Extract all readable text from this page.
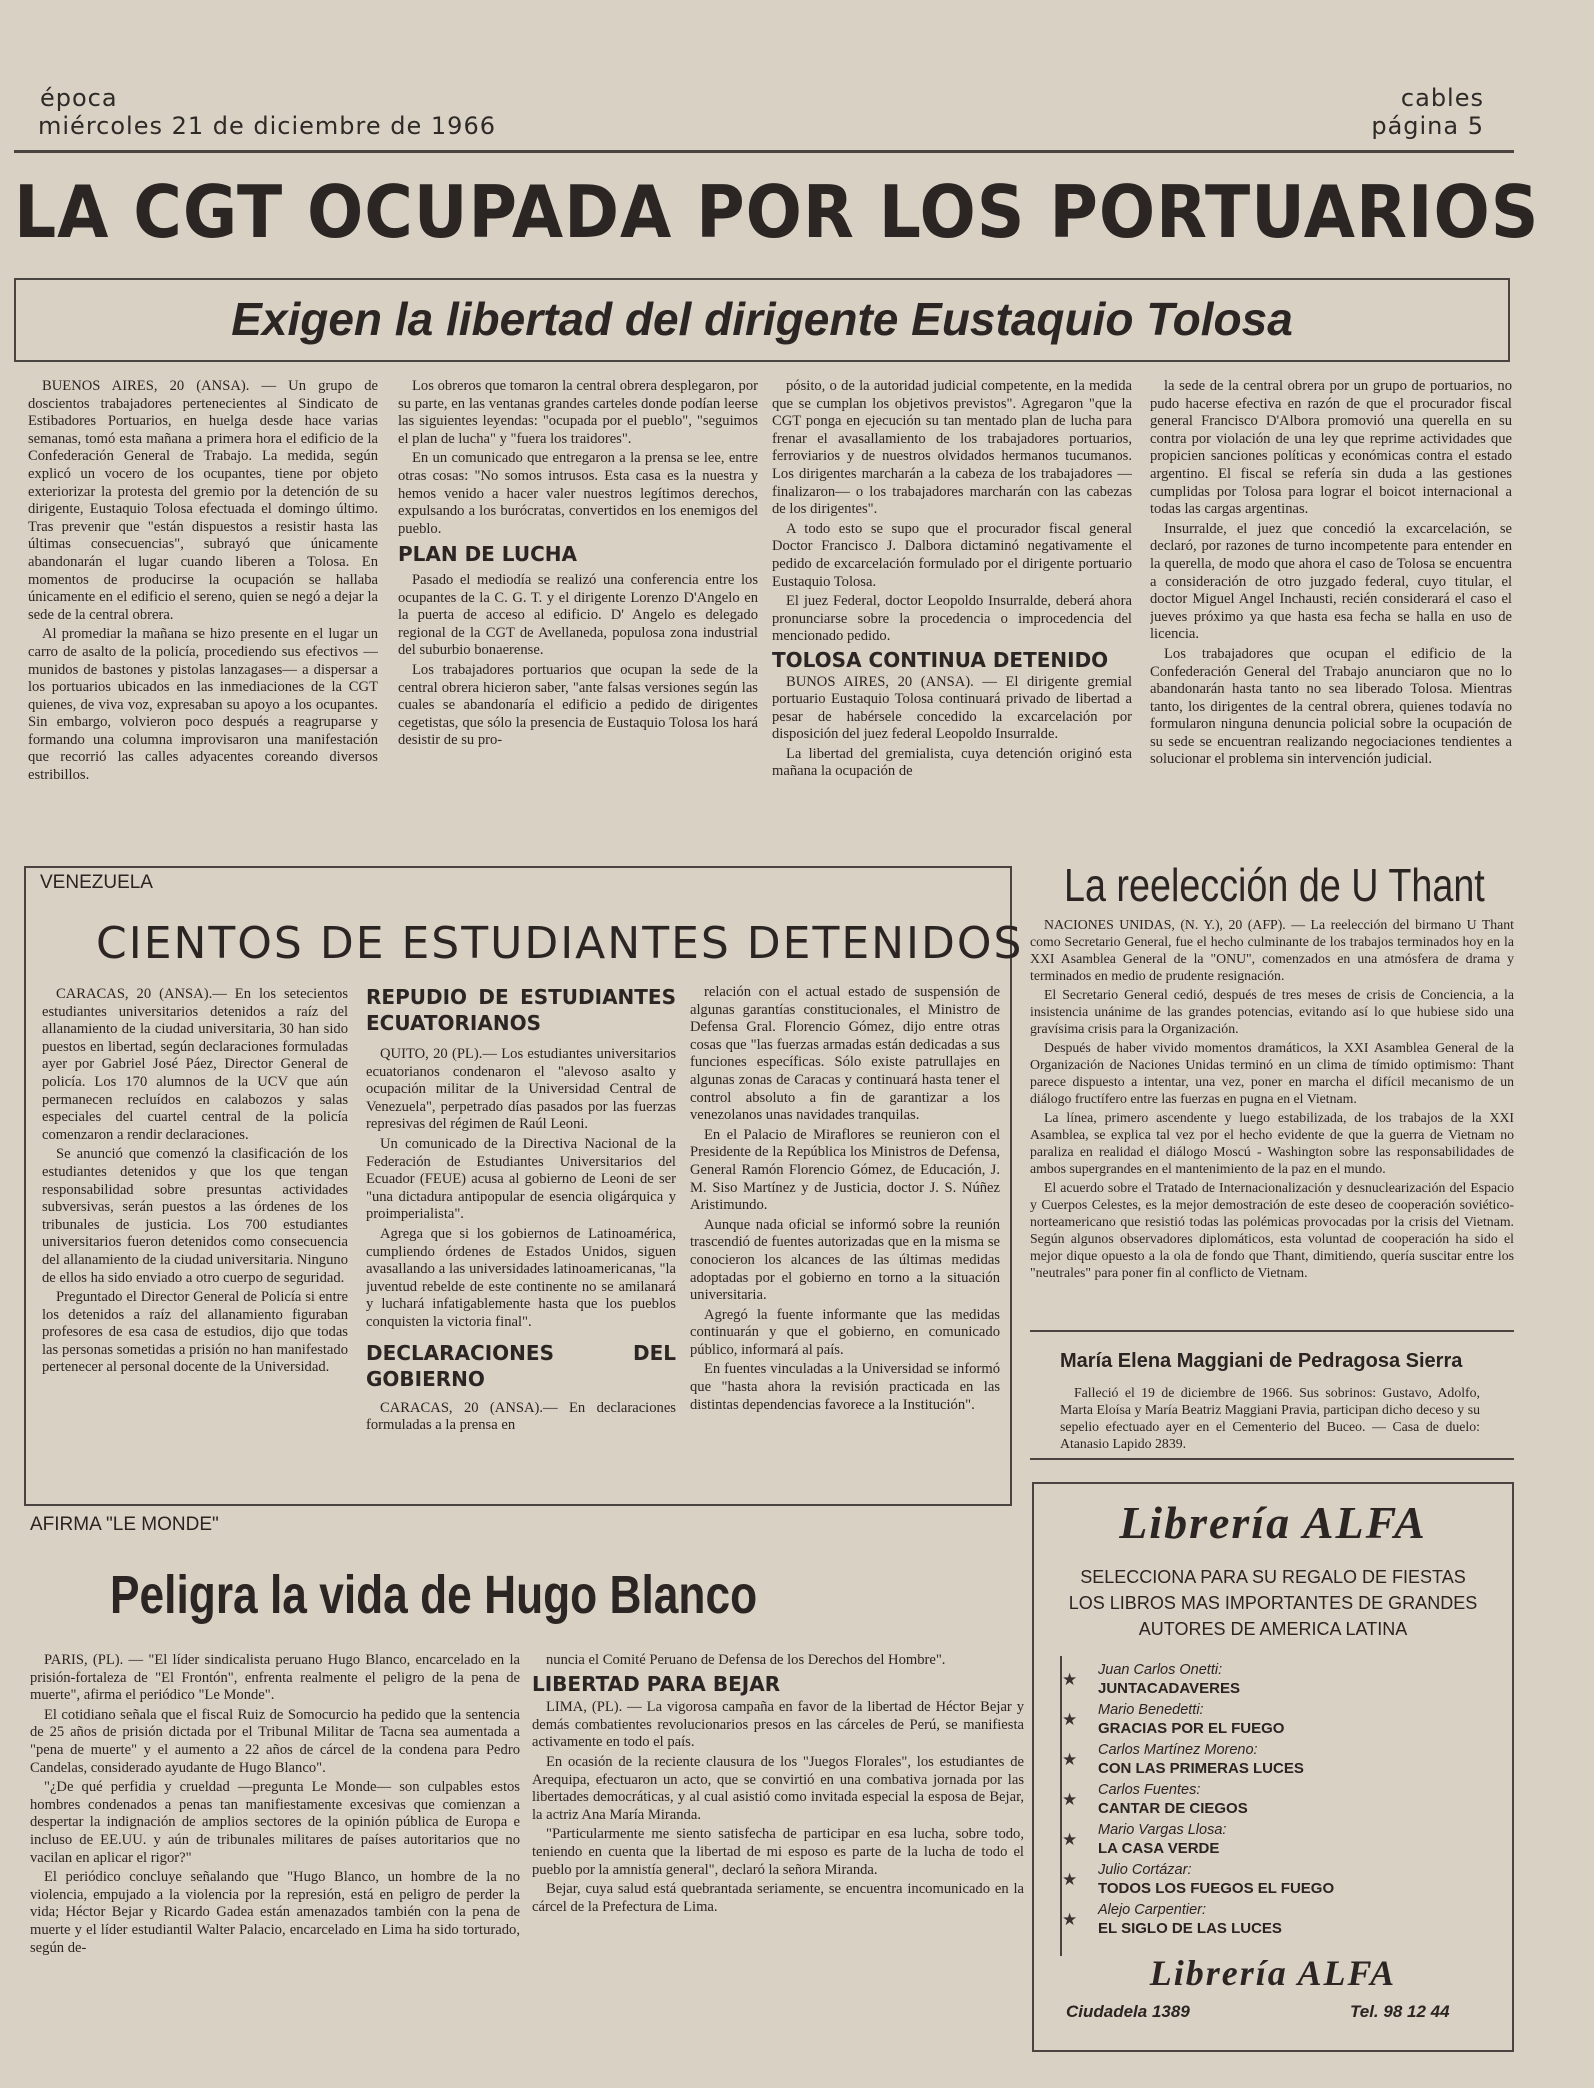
época
miércoles 21 de diciembre de 1966
cables
página 5
LA CGT OCUPADA POR LOS PORTUARIOS
Exigen la libertad del dirigente Eustaquio Tolosa

BUENOS AIRES, 20 (ANSA). — Un grupo de doscientos trabajadores pertenecientes al Sindicato de Estibadores Portuarios, en huelga desde hace varias semanas, tomó esta mañana a primera hora el edificio de la Confederación General de Trabajo. La medida, según explicó un vocero de los ocupantes, tiene por objeto exteriorizar la protesta del gremio por la detención de su dirigente, Eustaquio Tolosa efectuada el domingo último. Tras prevenir que "están dispuestos a resistir hasta las últimas consecuencias", subrayó que únicamente abandonarán el lugar cuando liberen a Tolosa. En momentos de producirse la ocupación se hallaba únicamente en el edificio el sereno, quien se negó a dejar la sede de la central obrera.

Al promediar la mañana se hizo presente en el lugar un carro de asalto de la policía, procediendo sus efectivos —munidos de bastones y pistolas lanzagases— a dispersar a los portuarios ubicados en las inmediaciones de la CGT quienes, de viva voz, expresaban su apoyo a los ocupantes. Sin embargo, volvieron poco después a reagruparse y formando una columna improvisaron una manifestación que recorrió las calles adyacentes coreando diversos estribillos.

Los obreros que tomaron la central obrera desplegaron, por su parte, en las ventanas grandes carteles donde podían leerse las siguientes leyendas: "ocupada por el pueblo", "seguimos el plan de lucha" y "fuera los traidores".

En un comunicado que entregaron a la prensa se lee, entre otras cosas: "No somos intrusos. Esta casa es la nuestra y hemos venido a hacer valer nuestros legítimos derechos, expulsando a los burócratas, convertidos en los enemigos del pueblo.

PLAN DE LUCHA

Pasado el mediodía se realizó una conferencia entre los ocupantes de la C. G. T. y el dirigente Lorenzo D'Angelo en la puerta de acceso al edificio. D' Angelo es delegado regional de la CGT de Avellaneda, populosa zona industrial del suburbio bonaerense.

Los trabajadores portuarios que ocupan la sede de la central obrera hicieron saber, "ante falsas versiones según las cuales se abandonaría el edificio a pedido de dirigentes cegetistas, que sólo la presencia de Eustaquio Tolosa los hará desistir de su pro-

pósito, o de la autoridad judicial competente, en la medida que se cumplan los objetivos previstos". Agregaron "que la CGT ponga en ejecución su tan mentado plan de lucha para frenar el avasallamiento de los trabajadores portuarios, ferroviarios y de nuestros olvidados hermanos tucumanos. Los dirigentes marcharán a la cabeza de los trabajadores —finalizaron— o los trabajadores marcharán con las cabezas de los dirigentes".

A todo esto se supo que el procurador fiscal general Doctor Francisco J. Dalbora dictaminó negativamente el pedido de excarcelación formulado por el dirigente portuario Eustaquio Tolosa.

El juez Federal, doctor Leopoldo Insurralde, deberá ahora pronunciarse sobre la procedencia o improcedencia del mencionado pedido.

TOLOSA CONTINUA DETENIDO

BUNOS AIRES, 20 (ANSA). — El dirigente gremial portuario Eustaquio Tolosa continuará privado de libertad a pesar de habérsele concedido la excarcelación por disposición del juez federal Leopoldo Insurralde.

La libertad del gremialista, cuya detención originó esta mañana la ocupación de

la sede de la central obrera por un grupo de portuarios, no pudo hacerse efectiva en razón de que el procurador fiscal general Francisco D'Albora promovió una querella en su contra por violación de una ley que reprime actividades que propicien sanciones políticas y económicas contra el estado argentino. El fiscal se refería sin duda a las gestiones cumplidas por Tolosa para lograr el boicot internacional a todas las cargas argentinas.

Insurralde, el juez que concedió la excarcelación, se declaró, por razones de turno incompetente para entender en la querella, de modo que ahora el caso de Tolosa se encuentra a consideración de otro juzgado federal, cuyo titular, el doctor Miguel Angel Inchausti, recién considerará el caso el jueves próximo ya que hasta esa fecha se halla en uso de licencia.

Los trabajadores que ocupan el edificio de la Confederación General del Trabajo anunciaron que no lo abandonarán hasta tanto no sea liberado Tolosa. Mientras tanto, los dirigentes de la central obrera, quienes todavía no formularon ninguna denuncia policial sobre la ocupación de su sede se encuentran realizando negociaciones tendientes a solucionar el problema sin intervención judicial.

VENEZUELA
CIENTOS DE ESTUDIANTES DETENIDOS

CARACAS, 20 (ANSA).— En los setecientos estudiantes universitarios detenidos a raíz del allanamiento de la ciudad universitaria, 30 han sido puestos en libertad, según declaraciones formuladas ayer por Gabriel José Páez, Director General de policía. Los 170 alumnos de la UCV que aún permanecen recluídos en calabozos y salas especiales del cuartel central de la policía comenzaron a rendir declaraciones.

Se anunció que comenzó la clasificación de los estudiantes detenidos y que los que tengan responsabilidad sobre presuntas actividades subversivas, serán puestos a las órdenes de los tribunales de justicia. Los 700 estudiantes universitarios fueron detenidos como consecuencia del allanamiento de la ciudad universitaria. Ninguno de ellos ha sido enviado a otro cuerpo de seguridad.

Preguntado el Director General de Policía si entre los detenidos a raíz del allanamiento figuraban profesores de esa casa de estudios, dijo que todas las personas sometidas a prisión no han manifestado pertenecer al personal docente de la Universidad.

REPUDIO DE ESTUDIANTES ECUATORIANOS

QUITO, 20 (PL).— Los estudiantes universitarios ecuatorianos condenaron el "alevoso asalto y ocupación militar de la Universidad Central de Venezuela", perpetrado días pasados por las fuerzas represivas del régimen de Raúl Leoni.

Un comunicado de la Directiva Nacional de la Federación de Estudiantes Universitarios del Ecuador (FEUE) acusa al gobierno de Leoni de ser "una dictadura antipopular de esencia oligárquica y proimperialista".

Agrega que si los gobiernos de Latinoamérica, cumpliendo órdenes de Estados Unidos, siguen avasallando a las universidades latinoamericanas, "la juventud rebelde de este continente no se amilanará y luchará infatigablemente hasta que los pueblos conquisten la victoria final".

DECLARACIONES DEL GOBIERNO

CARACAS, 20 (ANSA).— En declaraciones formuladas a la prensa en

relación con el actual estado de suspensión de algunas garantías constitucionales, el Ministro de Defensa Gral. Florencio Gómez, dijo entre otras cosas que "las fuerzas armadas están dedicadas a sus funciones específicas. Sólo existe patrullajes en algunas zonas de Caracas y continuará hasta tener el control absoluto a fin de garantizar a los venezolanos unas navidades tranquilas.

En el Palacio de Miraflores se reunieron con el Presidente de la República los Ministros de Defensa, General Ramón Florencio Gómez, de Educación, J. M. Siso Martínez y de Justicia, doctor J. S. Núñez Aristimundo.

Aunque nada oficial se informó sobre la reunión trascendió de fuentes autorizadas que en la misma se conocieron los alcances de las últimas medidas adoptadas por el gobierno en torno a la situación universitaria.

Agregó la fuente informante que las medidas continuarán y que el gobierno, en comunicado público, informará al país.

En fuentes vinculadas a la Universidad se informó que "hasta ahora la revisión practicada en las distintas dependencias favorece a la Institución".

La reelección de U Thant

NACIONES UNIDAS, (N. Y.), 20 (AFP). — La reelección del birmano U Thant como Secretario General, fue el hecho culminante de los trabajos terminados hoy en la XXI Asamblea General de la "ONU", comenzados en una atmósfera de drama y terminados en medio de prudente resignación.

El Secretario General cedió, después de tres meses de crisis de Conciencia, a la insistencia unánime de las grandes potencias, evitando así lo que hubiese sido una gravísima crisis para la Organización.

Después de haber vivido momentos dramáticos, la XXI Asamblea General de la Organización de Naciones Unidas terminó en un clima de tímido optimismo: Thant parece dispuesto a intentar, una vez, poner en marcha el difícil mecanismo de un diálogo fructífero entre las fuerzas en pugna en el Vietnam.

La línea, primero ascendente y luego estabilizada, de los trabajos de la XXI Asamblea, se explica tal vez por el hecho evidente de que la guerra de Vietnam no paraliza en realidad el diálogo Moscú - Washington sobre las responsabilidades de ambos supergrandes en el mantenimiento de la paz en el mundo.

El acuerdo sobre el Tratado de Internacionalización y desnuclearización del Espacio y Cuerpos Celestes, es la mejor demostración de este deseo de cooperación soviético-norteamericano que resistió todas las polémicas provocadas por la crisis del Vietnam. Según algunos observadores diplomáticos, esta voluntad de cooperación ha sido el mejor dique opuesto a la ola de fondo que Thant, dimitiendo, quería suscitar entre los "neutrales" para poner fin al conflicto de Vietnam.

María Elena Maggiani de Pedragosa Sierra

Falleció el 19 de diciembre de 1966. Sus sobrinos: Gustavo, Adolfo, Marta Eloísa y María Beatriz Maggiani Pravia, participan dicho deceso y su sepelio efectuado ayer en el Cementerio del Buceo. — Casa de duelo: Atanasio Lapido 2839.

Librería ALFA
SELECCIONA PARA SU REGALO DE FIESTAS
LOS LIBROS MAS IMPORTANTES DE GRANDES
AUTORES DE AMERICA LATINA
★ Juan Carlos Onetti:
JUNTACADAVERES
★ Mario Benedetti:
GRACIAS POR EL FUEGO
★ Carlos Martínez Moreno:
CON LAS PRIMERAS LUCES
★ Carlos Fuentes:
CANTAR DE CIEGOS
★ Mario Vargas Llosa:
LA CASA VERDE
★ Julio Cortázar:
TODOS LOS FUEGOS EL FUEGO
★ Alejo Carpentier:
EL SIGLO DE LAS LUCES
Librería ALFA
Ciudadela 1389	Tel. 98 12 44
AFIRMA "LE MONDE"
Peligra la vida de Hugo Blanco

PARIS, (PL). — "El líder sindicalista peruano Hugo Blanco, encarcelado en la prisión-fortaleza de "El Frontón", enfrenta realmente el peligro de la pena de muerte", afirma el periódico "Le Monde".

El cotidiano señala que el fiscal Ruiz de Somocurcio ha pedido que la sentencia de 25 años de prisión dictada por el Tribunal Militar de Tacna sea aumentada a "pena de muerte" y el aumento a 22 años de cárcel de la condena para Pedro Candelas, considerado ayudante de Hugo Blanco".

"¿De qué perfidia y crueldad —pregunta Le Monde— son culpables estos hombres condenados a penas tan manifiestamente excesivas que comienzan a despertar la indignación de amplios sectores de la opinión pública de Europa e incluso de EE.UU. y aún de tribunales militares de países autoritarios que no vacilan en aplicar el rigor?"

El periódico concluye señalando que "Hugo Blanco, un hombre de la no violencia, empujado a la violencia por la represión, está en peligro de perder la vida; Héctor Bejar y Ricardo Gadea están amenazados también con la pena de muerte y el líder estudiantil Walter Palacio, encarcelado en Lima ha sido torturado, según de-

nuncia el Comité Peruano de Defensa de los Derechos del Hombre".

LIBERTAD PARA BEJAR

LIMA, (PL). — La vigorosa campaña en favor de la libertad de Héctor Bejar y demás combatientes revolucionarios presos en las cárceles de Perú, se manifiesta activamente en todo el país.

En ocasión de la reciente clausura de los "Juegos Florales", los estudiantes de Arequipa, efectuaron un acto, que se convirtió en una combativa jornada por las libertades democráticas, y al cual asistió como invitada especial la esposa de Bejar, la actriz Ana María Miranda.

"Particularmente me siento satisfecha de participar en esa lucha, sobre todo, teniendo en cuenta que la libertad de mi esposo es parte de la lucha de todo el pueblo por la amnistía general", declaró la señora Miranda.

Bejar, cuya salud está quebrantada seriamente, se encuentra incomunicado en la cárcel de la Prefectura de Lima.
